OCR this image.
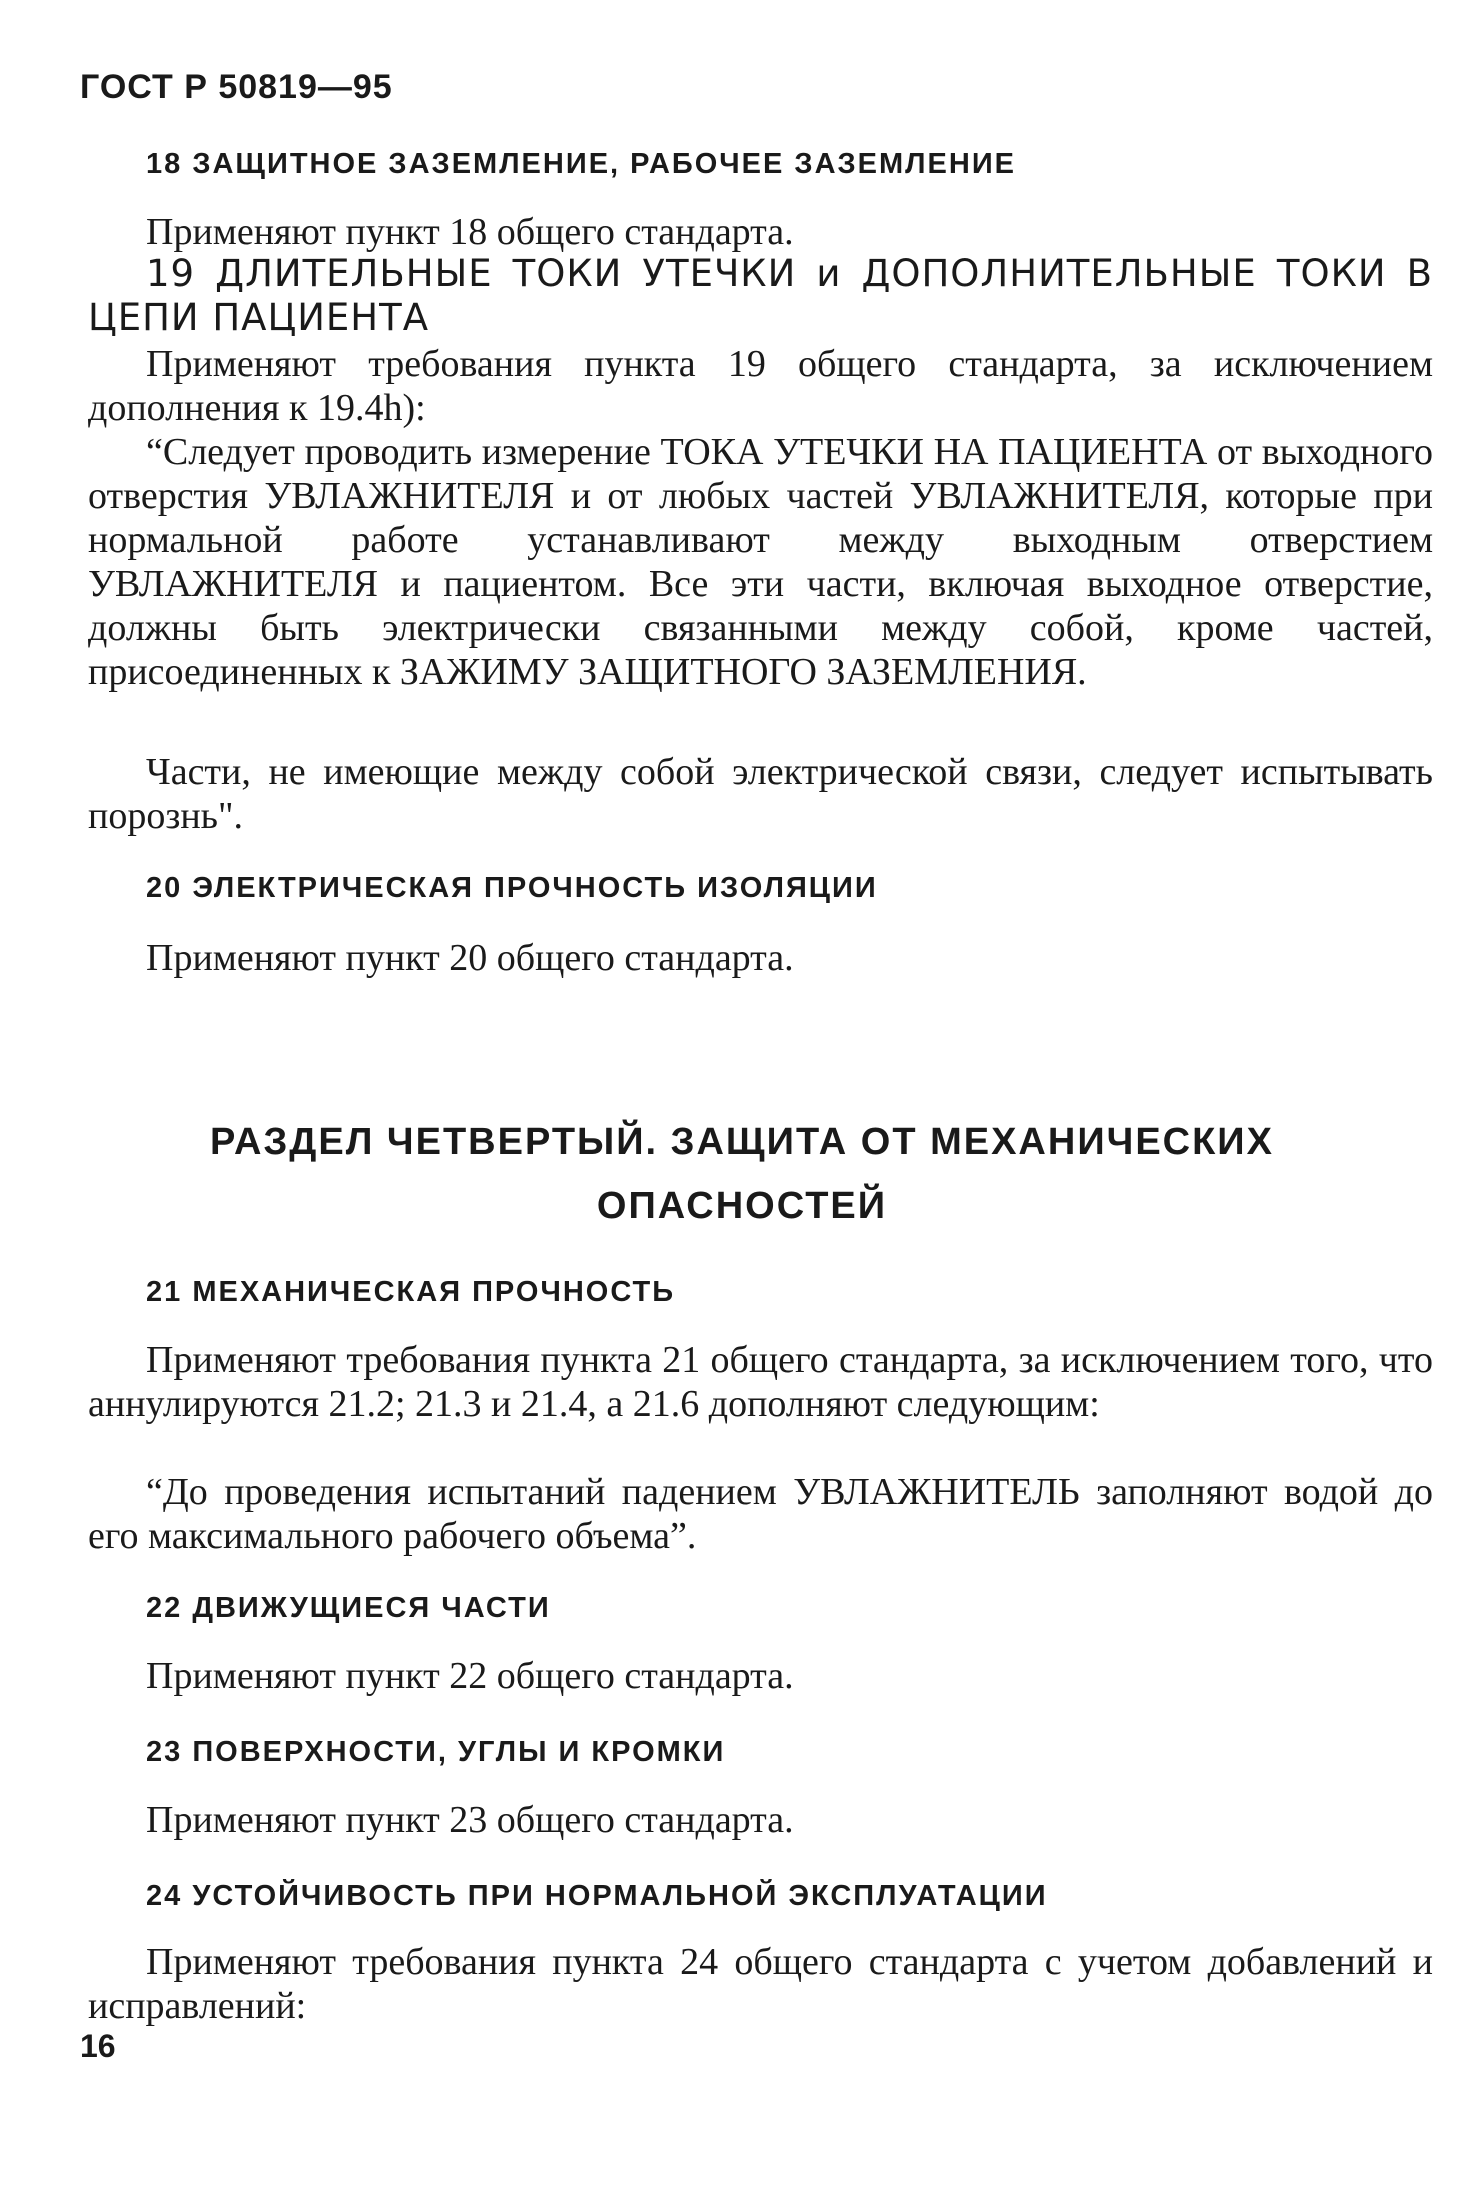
ГОСТ Р 50819—95
18 ЗАЩИТНОЕ ЗАЗЕМЛЕНИЕ, РАБОЧЕЕ ЗАЗЕМЛЕНИЕ
Применяют пункт 18 общего стандарта.
19 ДЛИТЕЛЬНЫЕ ТОКИ УТЕЧКИ и ДОПОЛНИТЕЛЬНЫЕ ТОКИ В ЦЕПИ ПАЦИЕНТА
Применяют требования пункта 19 общего стандарта, за исключением дополнения к 19.4h):
“Следует проводить измерение ТОКА УТЕЧКИ НА ПАЦИЕНТА от выходного отверстия УВЛАЖНИТЕЛЯ и от любых частей УВЛАЖНИТЕЛЯ, которые при нормальной работе устанавливают между выходным отверстием УВЛАЖНИТЕЛЯ и пациентом. Все эти части, включая выходное отверстие, должны быть электрически связанными между собой, кроме частей, присоединенных к ЗАЖИМУ ЗАЩИТНОГО ЗАЗЕМЛЕНИЯ.
Части, не имеющие между собой электрической связи, следует испытывать порознь".
20 ЭЛЕКТРИЧЕСКАЯ ПРОЧНОСТЬ ИЗОЛЯЦИИ
Применяют пункт 20 общего стандарта.
РАЗДЕЛ ЧЕТВЕРТЫЙ. ЗАЩИТА ОТ МЕХАНИЧЕСКИХ
ОПАСНОСТЕЙ
21 МЕХАНИЧЕСКАЯ ПРОЧНОСТЬ
Применяют требования пункта 21 общего стандарта, за исключением того, что аннулируются 21.2; 21.3 и 21.4, а 21.6 дополняют следующим:
“До проведения испытаний падением УВЛАЖНИТЕЛЬ заполняют водой до его максимального рабочего объема”.
22 ДВИЖУЩИЕСЯ ЧАСТИ
Применяют пункт 22 общего стандарта.
23 ПОВЕРХНОСТИ, УГЛЫ И КРОМКИ
Применяют пункт 23 общего стандарта.
24 УСТОЙЧИВОСТЬ ПРИ НОРМАЛЬНОЙ ЭКСПЛУАТАЦИИ
Применяют требования пункта 24 общего стандарта с учетом добавлений и исправлений:
16
